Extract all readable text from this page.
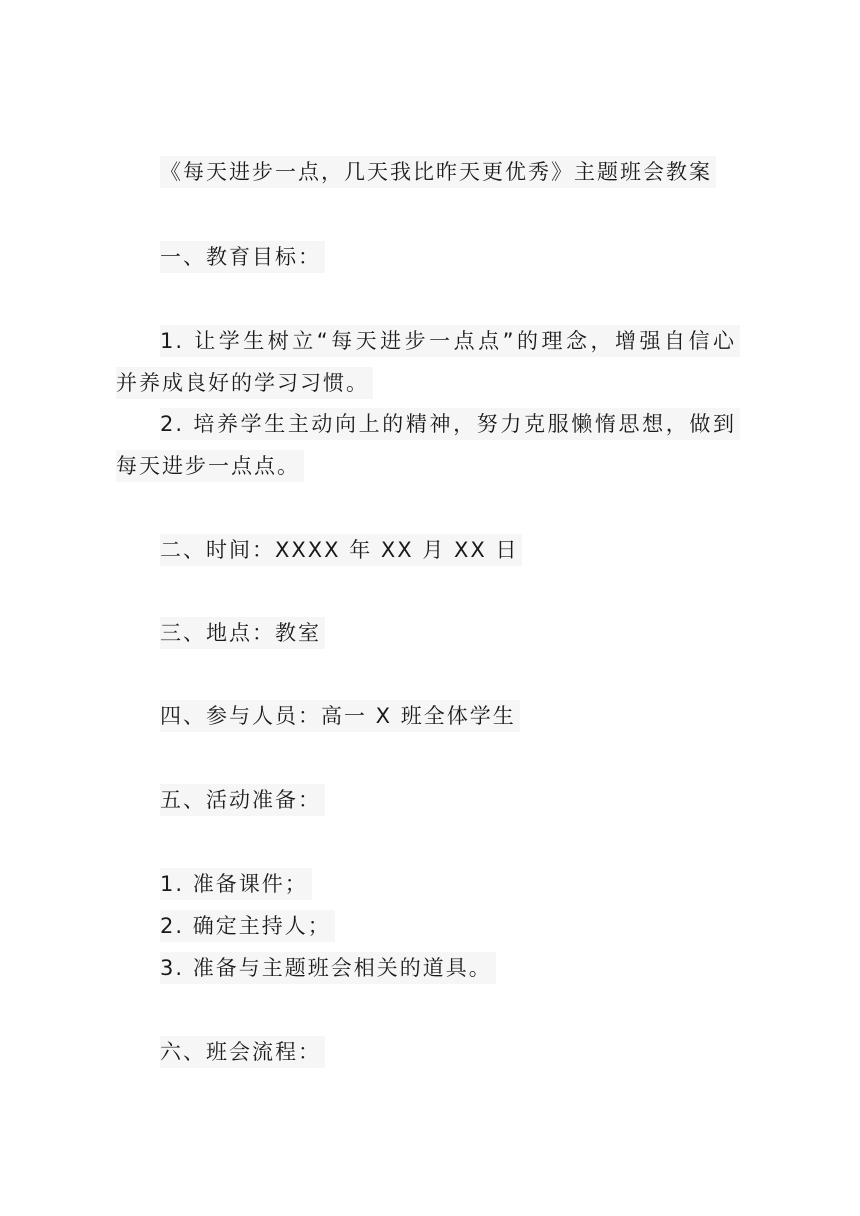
《每天进步一点，几天我比昨天更优秀》主题班会教案
一、教育目标：
1. 让学生树立“每天进步一点点”的理念，增强自信心
并养成良好的学习习惯。
2. 培养学生主动向上的精神，努力克服懒惰思想，做到
每天进步一点点。
二、时间：XXXX 年 XX 月 XX 日
三、地点：教室
四、参与人员：高一 X 班全体学生
五、活动准备：
1. 准备课件；
2. 确定主持人；
3. 准备与主题班会相关的道具。
六、班会流程：
